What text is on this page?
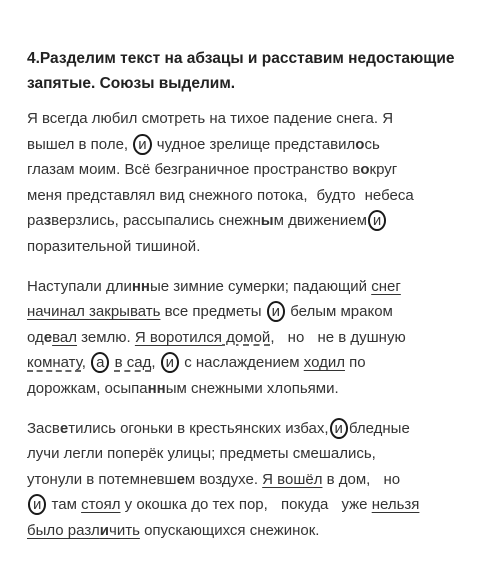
4.Разделим текст на абзацы и расставим недостающие запятые. Союзы выделим.
Я всегда любил смотреть на тихое падение снега. Я
вышел в поле, и чудное зрелище представилось
глазам моим. Всё безграничное пространство вокруг
меня представлял вид снежного потока, будто небеса
разверзлись, рассыпались снежным движением и
поразительной тишиной.
Наступали длинные зимние сумерки; падающий снег
начинал закрывать все предметы и белым мраком
одевал землю. Я воротился домой, но не в душную
комнату, а в сад, и с наслаждением ходил по
дорожкам, осыпанным снежными хлопьями.
Засветились огоньки в крестьянских избах, и бледные
лучи легли поперёк улицы; предметы смешались,
утонули в потемневшем воздухе. Я вошёл в дом, но
и там стоял у окошка до тех пор, покуда уже нельзя
было различить опускающихся снежинок.
